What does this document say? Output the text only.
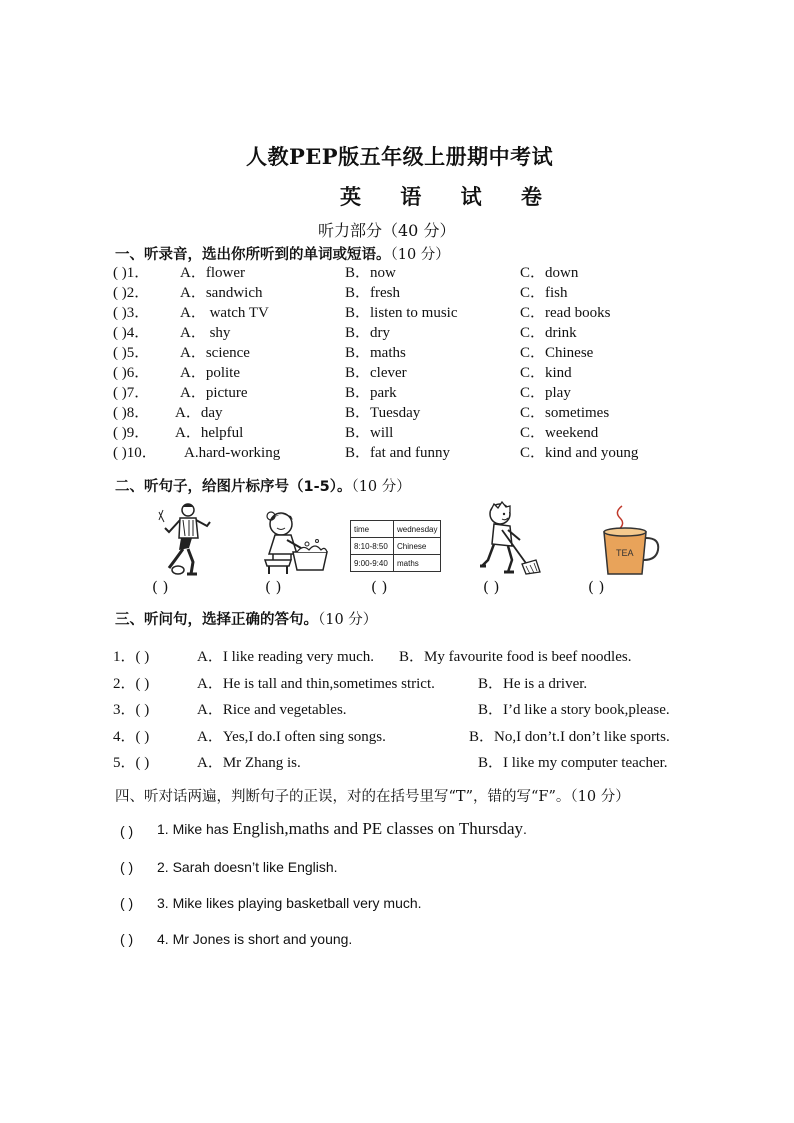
人教PEP版五年级上册期中考试
英 语 试 卷
听力部分（40 分）
一、听录音，选出你所听到的单词或短语。（10 分）
( )1． A．flower	B．now	C．down
( )2． A．sandwich	B．fresh	C．fish
( )3． A． watch TV	B．listen to music	C．read books
( )4． A． shy	B．dry	C．drink
( )5． A．science	B．maths	C．Chinese
( )6． A．polite	B．clever	C．kind
( )7． A．picture	B．park	C．play
( )8． A．day	B．Tuesday	C．sometimes
( )9． A．helpful	B．will	C．weekend
( )10． A.hard-working	B．fat and funny	C．kind and young
二、听句子，给图片标序号（1-5）。（10 分）
( )	( )
time	wednesday
8:10-8:50	Chinese
9:00-9:40	maths
( )	( )
TEA
( )
三、听问句，选择正确的答句。（10 分）
1．( )	A．I like reading very much. B．My favourite food is beef noodles.
2．( )	A．He is tall and thin,sometimes strict.	B．He is a driver.
3．( )	A．Rice and vegetables.	B．I’d like a story book,please.
4．( )	A．Yes,I do.I often sing songs.	B．No,I don’t.I don’t like sports.
5．( )	A．Mr Zhang is.	B．I like my computer teacher.
四、听对话两遍，判断句子的正误，对的在括号里写“T”，错的写“F”。（10 分）
( ) 1. Mike has English,maths and PE classes on Thursday.
( ) 2. Sarah doesn’t like English.
( ) 3. Mike likes playing basketball very much.
( ) 4. Mr Jones is short and young.
